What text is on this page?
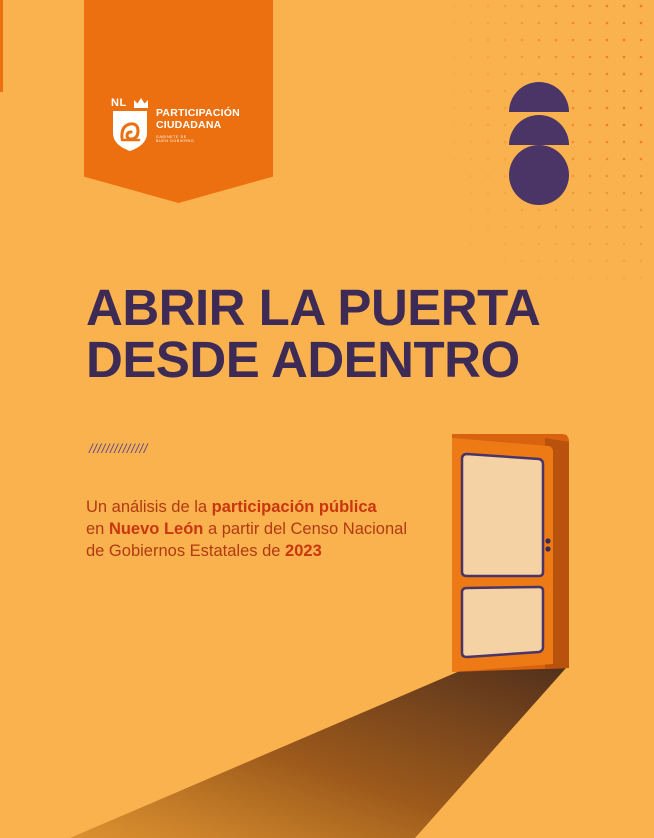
NL
PARTICIPACIÓN
CIUDADANA
GABINETE DE
BUEN GOBIERNO
ABRIR LA PUERTA
DESDE ADENTRO
//////////////
Un análisis de la participación pública
en Nuevo León a partir del Censo Nacional
de Gobiernos Estatales de 2023
